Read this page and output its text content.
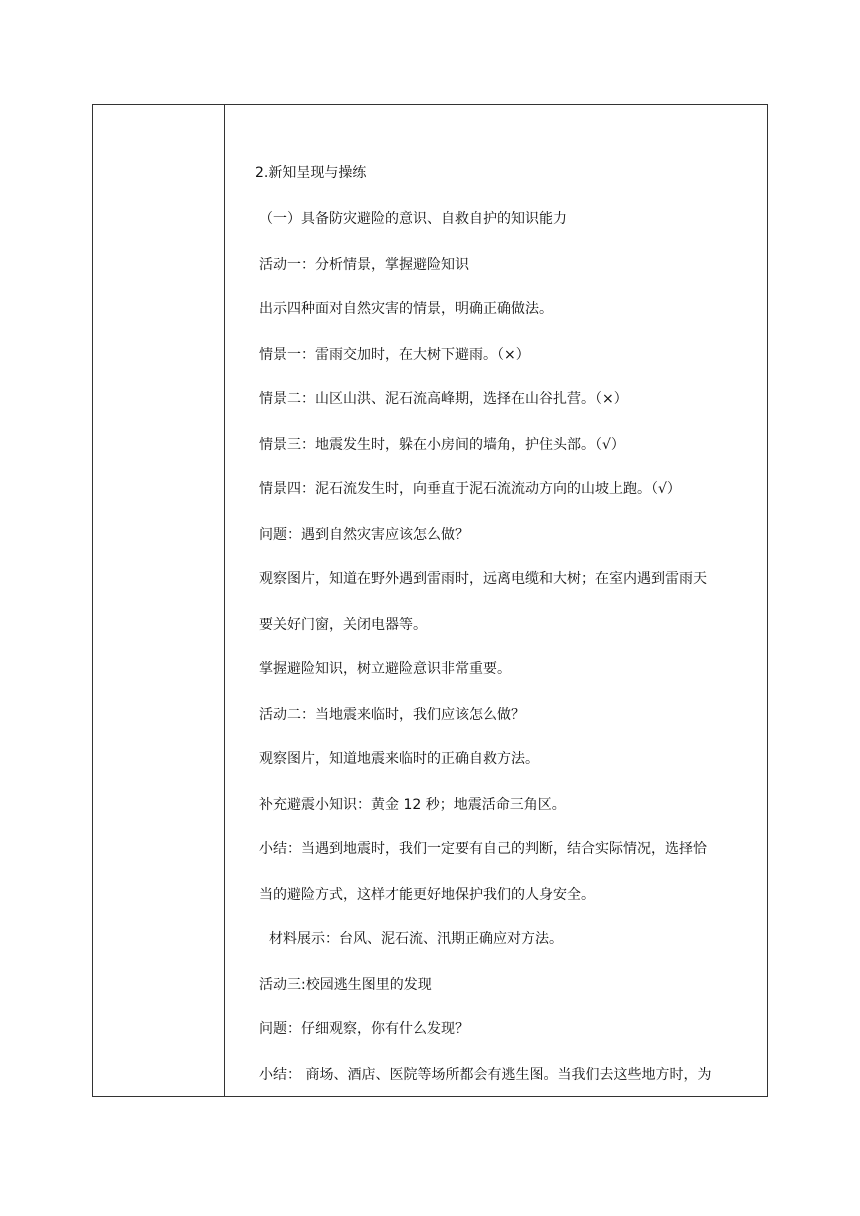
2.新知呈现与操练
（一）具备防灾避险的意识、自救自护的知识能力
活动一：分析情景，掌握避险知识
出示四种面对自然灾害的情景，明确正确做法。
情景一：雷雨交加时，在大树下避雨。（×）
情景二：山区山洪、泥石流高峰期，选择在山谷扎营。（×）
情景三：地震发生时，躲在小房间的墙角，护住头部。（√）
情景四：泥石流发生时，向垂直于泥石流流动方向的山坡上跑。（√）
问题：遇到自然灾害应该怎么做？
观察图片，知道在野外遇到雷雨时，远离电缆和大树；在室内遇到雷雨天
要关好门窗，关闭电器等。
掌握避险知识，树立避险意识非常重要。
活动二：当地震来临时，我们应该怎么做？
观察图片，知道地震来临时的正确自救方法。
补充避震小知识：黄金 12 秒；地震活命三角区。
小结：当遇到地震时，我们一定要有自己的判断，结合实际情况，选择恰
当的避险方式，这样才能更好地保护我们的人身安全。
材料展示：台风、泥石流、汛期正确应对方法。
活动三:校园逃生图里的发现
问题：仔细观察，你有什么发现？
小结： 商场、酒店、医院等场所都会有逃生图。当我们去这些地方时，为
